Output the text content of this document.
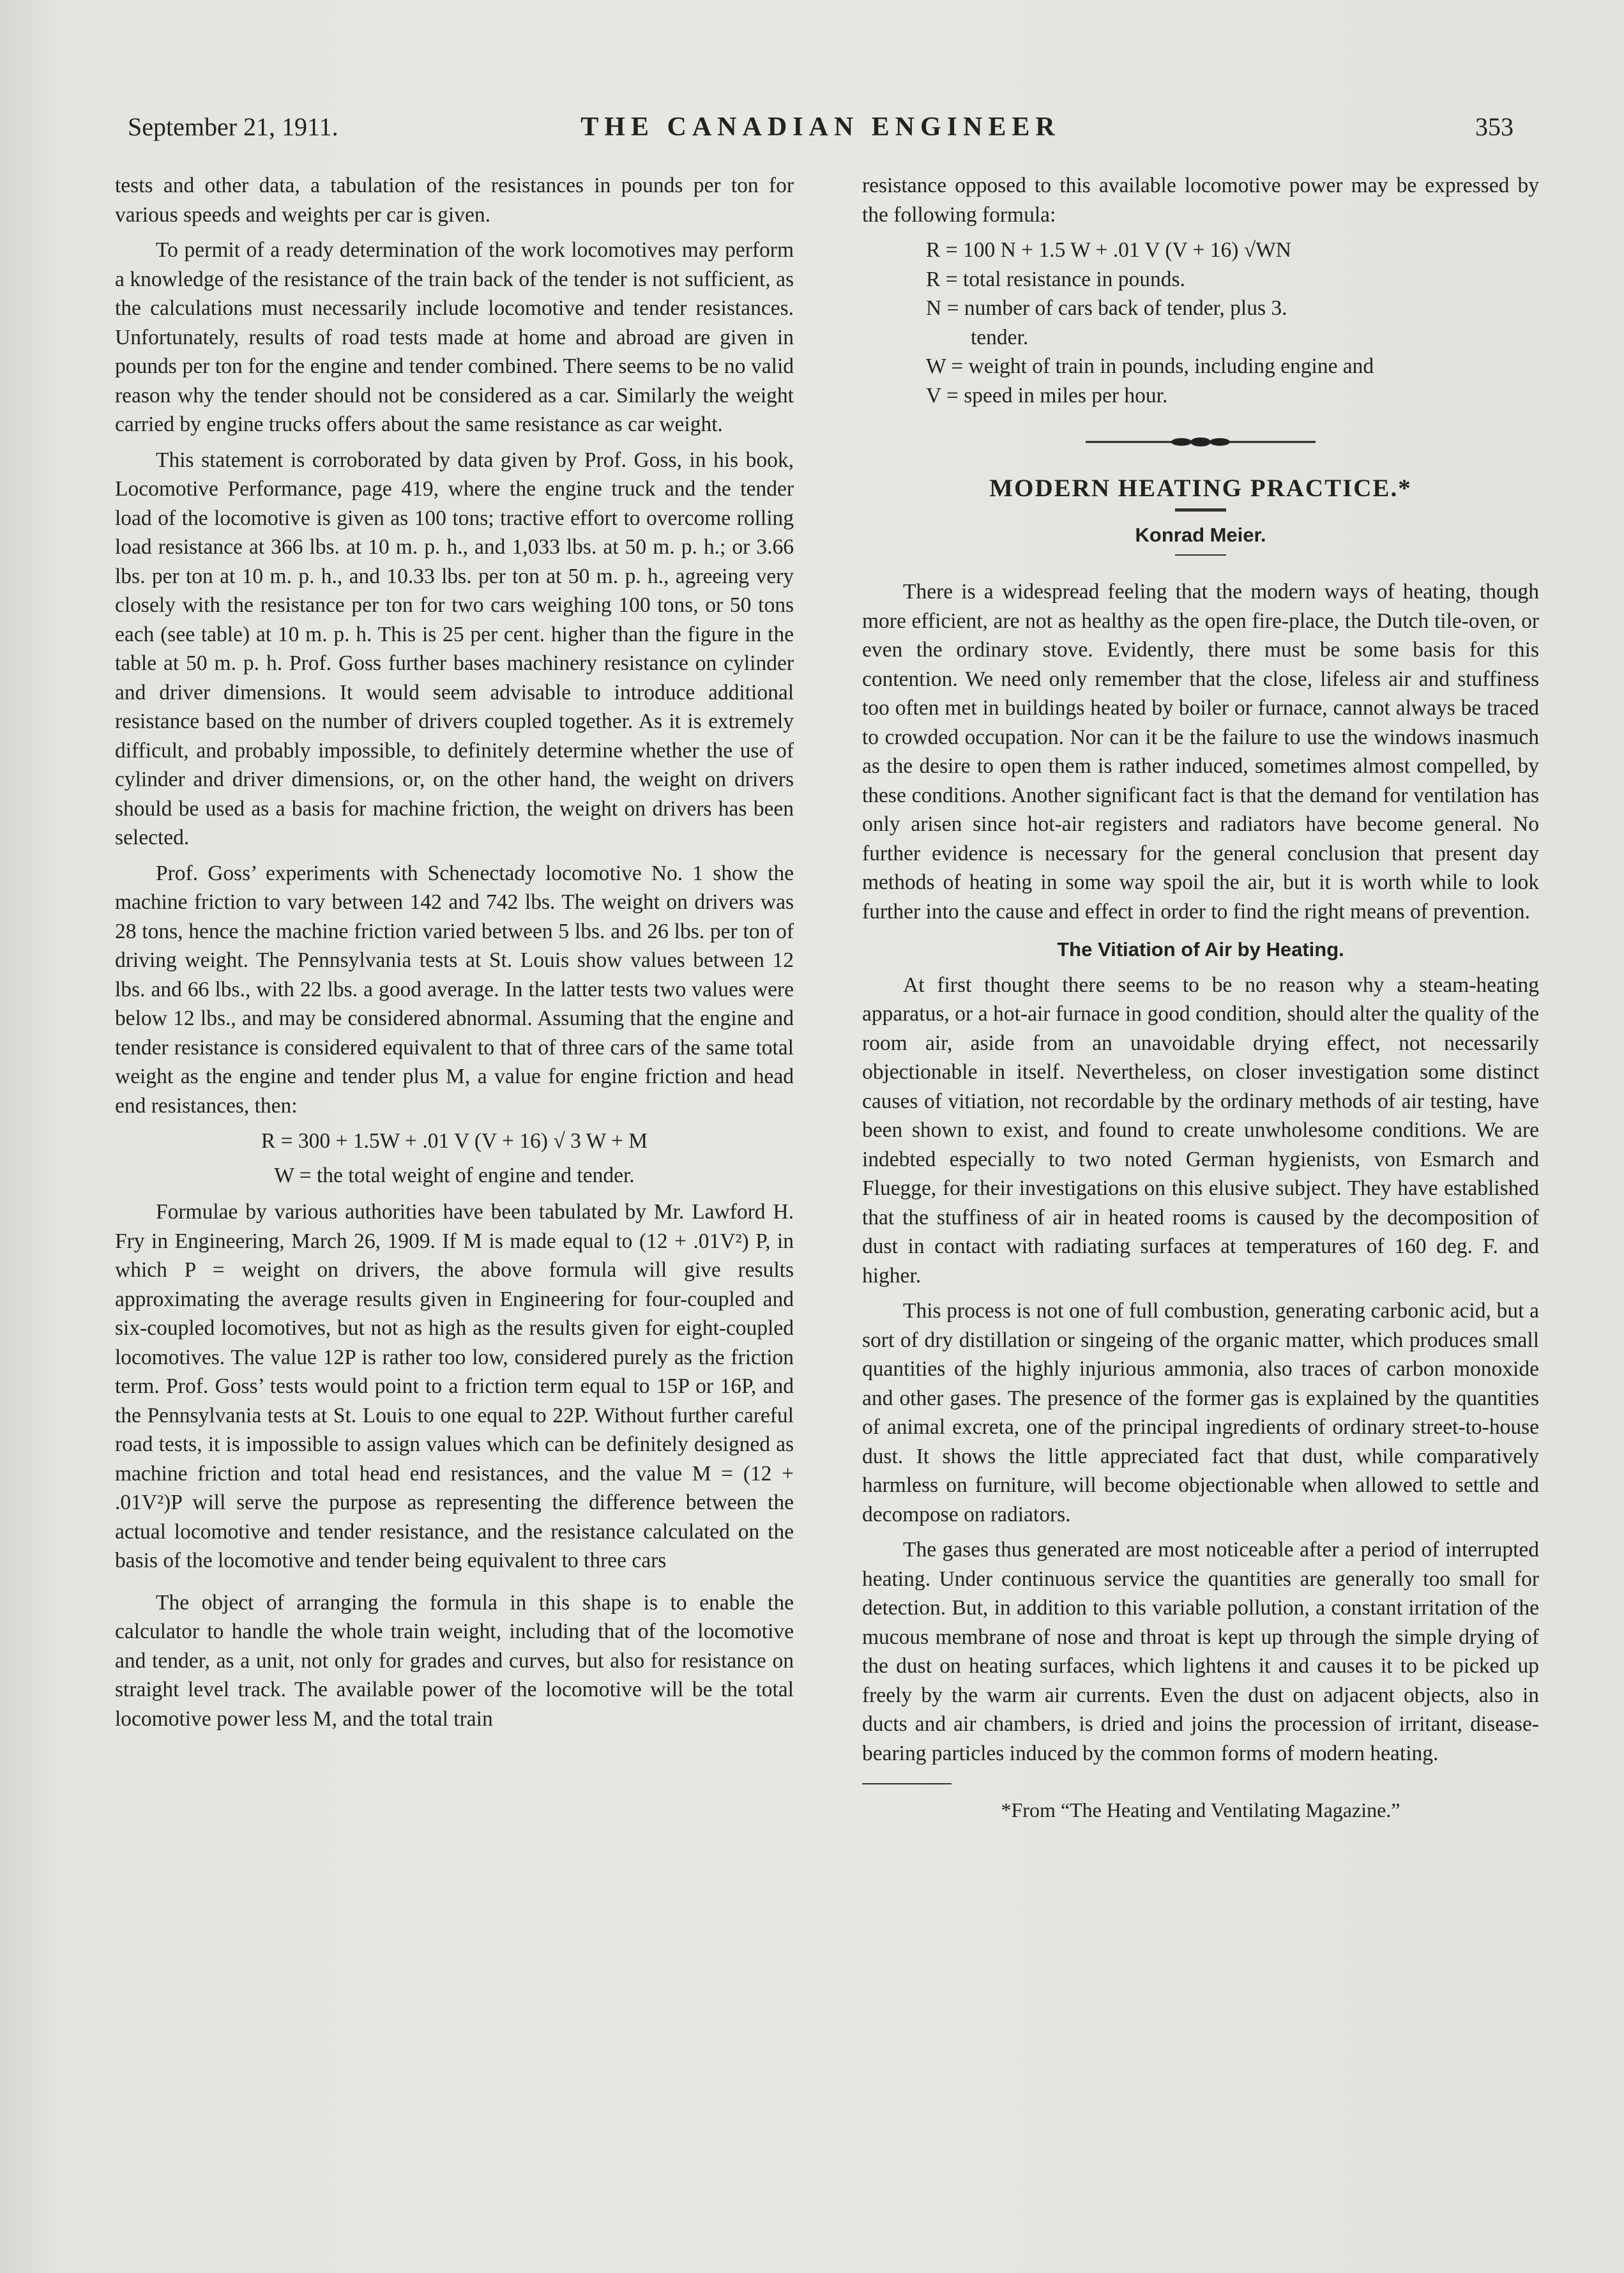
September 21, 1911.	THE CANADIAN ENGINEER	353

tests and other data, a tabulation of the resistances in pounds per ton for various speeds and weights per car is given.

To permit of a ready determination of the work locomotives may perform a knowledge of the resistance of the train back of the tender is not sufficient, as the calculations must necessarily include locomotive and tender resistances. Unfortunately, results of road tests made at home and abroad are given in pounds per ton for the engine and tender combined. There seems to be no valid reason why the tender should not be considered as a car. Similarly the weight carried by engine trucks offers about the same resistance as car weight.

This statement is corroborated by data given by Prof. Goss, in his book, Locomotive Performance, page 419, where the engine truck and the tender load of the locomotive is given as 100 tons; tractive effort to overcome rolling load resistance at 366 lbs. at 10 m. p. h., and 1,033 lbs. at 50 m. p. h.; or 3.66 lbs. per ton at 10 m. p. h., and 10.33 lbs. per ton at 50 m. p. h., agreeing very closely with the resistance per ton for two cars weighing 100 tons, or 50 tons each (see table) at 10 m. p. h. This is 25 per cent. higher than the figure in the table at 50 m. p. h. Prof. Goss further bases machinery resistance on cylinder and driver dimensions. It would seem advisable to introduce additional resistance based on the number of drivers coupled together. As it is extremely difficult, and probably impossible, to definitely determine whether the use of cylinder and driver dimensions, or, on the other hand, the weight on drivers should be used as a basis for machine friction, the weight on drivers has been selected.

Prof. Goss’ experiments with Schenectady locomotive No. 1 show the machine friction to vary between 142 and 742 lbs. The weight on drivers was 28 tons, hence the machine friction varied between 5 lbs. and 26 lbs. per ton of driving weight. The Pennsylvania tests at St. Louis show values between 12 lbs. and 66 lbs., with 22 lbs. a good average. In the latter tests two values were below 12 lbs., and may be considered abnormal. Assuming that the engine and tender resistance is considered equivalent to that of three cars of the same total weight as the engine and tender plus M, a value for engine friction and head end resistances, then:

R = 300 + 1.5W + .01 V (V + 16) √ 3 W + M
W = the total weight of engine and tender.

Formulae by various authorities have been tabulated by Mr. Lawford H. Fry in Engineering, March 26, 1909. If M is made equal to (12 + .01V²) P, in which P = weight on drivers, the above formula will give results approximating the average results given in Engineering for four-coupled and six-coupled locomotives, but not as high as the results given for eight-coupled locomotives. The value 12P is rather too low, considered purely as the friction term. Prof. Goss’ tests would point to a friction term equal to 15P or 16P, and the Pennsylvania tests at St. Louis to one equal to 22P. Without further careful road tests, it is impossible to assign values which can be definitely designed as machine friction and total head end resistances, and the value M = (12 + .01V²)P will serve the purpose as representing the difference between the actual locomotive and tender resistance, and the resistance calculated on the basis of the locomotive and tender being equivalent to three cars

The object of arranging the formula in this shape is to enable the calculator to handle the whole train weight, including that of the locomotive and tender, as a unit, not only for grades and curves, but also for resistance on straight level track. The available power of the locomotive will be the total locomotive power less M, and the total train

resistance opposed to this available locomotive power may be expressed by the following formula:

R = 100 N + 1.5 W + .01 V (V + 16) √WN
R = total resistance in pounds.
N = number of cars back of tender, plus 3.
tender.
W = weight of train in pounds, including engine and
V = speed in miles per hour.
MODERN HEATING PRACTICE.*
Konrad Meier.

There is a widespread feeling that the modern ways of heating, though more efficient, are not as healthy as the open fire-place, the Dutch tile-oven, or even the ordinary stove. Evidently, there must be some basis for this contention. We need only remember that the close, lifeless air and stuffiness too often met in buildings heated by boiler or furnace, cannot always be traced to crowded occupation. Nor can it be the failure to use the windows inasmuch as the desire to open them is rather induced, sometimes almost compelled, by these conditions. Another significant fact is that the demand for ventilation has only arisen since hot-air registers and radiators have become general. No further evidence is necessary for the general conclusion that present day methods of heating in some way spoil the air, but it is worth while to look further into the cause and effect in order to find the right means of prevention.

The Vitiation of Air by Heating.

At first thought there seems to be no reason why a steam-heating apparatus, or a hot-air furnace in good condition, should alter the quality of the room air, aside from an unavoidable drying effect, not necessarily objectionable in itself. Nevertheless, on closer investigation some distinct causes of vitiation, not recordable by the ordinary methods of air testing, have been shown to exist, and found to create unwholesome conditions. We are indebted especially to two noted German hygienists, von Esmarch and Fluegge, for their investigations on this elusive subject. They have established that the stuffiness of air in heated rooms is caused by the decomposition of dust in contact with radiating surfaces at temperatures of 160 deg. F. and higher.

This process is not one of full combustion, generating carbonic acid, but a sort of dry distillation or singeing of the organic matter, which produces small quantities of the highly injurious ammonia, also traces of carbon monoxide and other gases. The presence of the former gas is explained by the quantities of animal excreta, one of the principal ingredients of ordinary street-to-house dust. It shows the little appreciated fact that dust, while comparatively harmless on furniture, will become objectionable when allowed to settle and decompose on radiators.

The gases thus generated are most noticeable after a period of interrupted heating. Under continuous service the quantities are generally too small for detection. But, in addition to this variable pollution, a constant irritation of the mucous membrane of nose and throat is kept up through the simple drying of the dust on heating surfaces, which lightens it and causes it to be picked up freely by the warm air currents. Even the dust on adjacent objects, also in ducts and air chambers, is dried and joins the procession of irritant, disease-bearing particles induced by the common forms of modern heating.

*From “The Heating and Ventilating Magazine.”
